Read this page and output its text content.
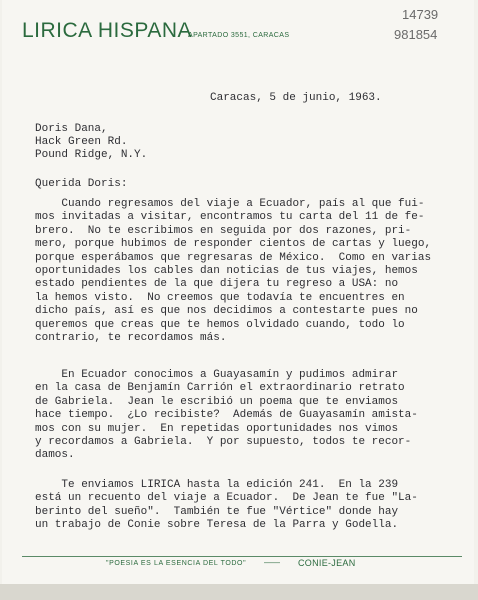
LIRICA HISPANA
APARTADO 3551, CARACAS
14739
981854
Caracas, 5 de junio, 1963.
Doris Dana,
Hack Green Rd.
Pound Ridge, N.Y.
Querida Doris:
Cuando regresamos del viaje a Ecuador, país al que fui-
mos invitadas a visitar, encontramos tu carta del 11 de fe-
brero.  No te escribimos en seguida por dos razones, pri-
mero, porque hubimos de responder cientos de cartas y luego,
porque esperábamos que regresaras de México.  Como en varias
oportunidades los cables dan noticias de tus viajes, hemos
estado pendientes de la que dijera tu regreso a USA: no
la hemos visto.  No creemos que todavía te encuentres en
dicho país, así es que nos decidimos a contestarte pues no
queremos que creas que te hemos olvidado cuando, todo lo
contrario, te recordamos más.
En Ecuador conocimos a Guayasamín y pudimos admirar
en la casa de Benjamín Carrión el extraordinario retrato
de Gabriela.  Jean le escribió un poema que te enviamos
hace tiempo.  ¿Lo recibiste?  Además de Guayasamín amista-
mos con su mujer.  En repetidas oportunidades nos vimos
y recordamos a Gabriela.  Y por supuesto, todos te recor-
damos.
Te enviamos LIRICA hasta la edición 241.  En la 239
está un recuento del viaje a Ecuador.  De Jean te fue "La-
berinto del sueño".  También te fue "Vértice" donde hay
un trabajo de Conie sobre Teresa de la Parra y Godella.
"POESIA ES LA ESENCIA DEL TODO" —— CONIE-JEAN
